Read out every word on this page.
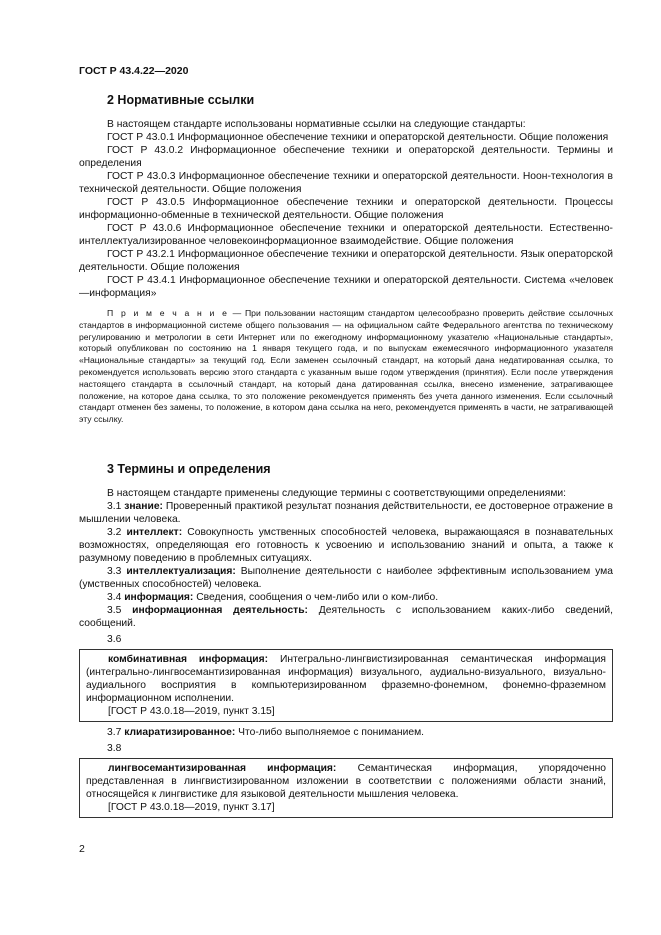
ГОСТ Р 43.4.22—2020
2 Нормативные ссылки

В настоящем стандарте использованы нормативные ссылки на следующие стандарты:

ГОСТ Р 43.0.1 Информационное обеспечение техники и операторской деятельности. Общие положения

ГОСТ Р 43.0.2 Информационное обеспечение техники и операторской деятельности. Термины и определения

ГОСТ Р 43.0.3 Информационное обеспечение техники и операторской деятельности. Ноон-технология в технической деятельности. Общие положения

ГОСТ Р 43.0.5 Информационное обеспечение техники и операторской деятельности. Процессы информационно-обменные в технической деятельности. Общие положения

ГОСТ Р 43.0.6 Информационное обеспечение техники и операторской деятельности. Естественно-интеллектуализированное человекоинформационное взаимодействие. Общие положения

ГОСТ Р 43.2.1 Информационное обеспечение техники и операторской деятельности. Язык операторской деятельности. Общие положения

ГОСТ Р 43.4.1 Информационное обеспечение техники и операторской деятельности. Система «человек—информация»

П р и м е ч а н и е — При пользовании настоящим стандартом целесообразно проверить действие ссылочных стандартов в информационной системе общего пользования — на официальном сайте Федерального агентства по техническому регулированию и метрологии в сети Интернет или по ежегодному информационному указателю «Национальные стандарты», который опубликован по состоянию на 1 января текущего года, и по выпускам ежемесячного информационного указателя «Национальные стандарты» за текущий год. Если заменен ссылочный стандарт, на который дана недатированная ссылка, то рекомендуется использовать версию этого стандарта с указанным выше годом утверждения (принятия). Если после утверждения настоящего стандарта в ссылочный стандарт, на который дана датированная ссылка, внесено изменение, затрагивающее положение, на которое дана ссылка, то это положение рекомендуется применять без учета данного изменения. Если ссылочный стандарт отменен без замены, то положение, в котором дана ссылка на него, рекомендуется применять в части, не затрагивающей эту ссылку.

3 Термины и определения

В настоящем стандарте применены следующие термины с соответствующими определениями:

3.1 знание: Проверенный практикой результат познания действительности, ее достоверное отражение в мышлении человека.

3.2 интеллект: Совокупность умственных способностей человека, выражающаяся в познавательных возможностях, определяющая его готовность к усвоению и использованию знаний и опыта, а также к разумному поведению в проблемных ситуациях.

3.3 интеллектуализация: Выполнение деятельности с наиболее эффективным использованием ума (умственных способностей) человека.

3.4 информация: Сведения, сообщения о чем-либо или о ком-либо.

3.5 информационная деятельность: Деятельность с использованием каких-либо сведений, сообщений.

3.6

комбинативная информация: Интегрально-лингвистизированная семантическая информация (интегрально-лингвосемантизированная информация) визуального, аудиально-визуального, визуально-аудиального восприятия в компьютеризированном фраземно-фонемном, фонемно-фраземном информационном исполнении.

[ГОСТ Р 43.0.18—2019, пункт 3.15]

3.7 клиаратизированное: Что-либо выполняемое с пониманием.

3.8

лингвосемантизированная информация: Семантическая информация, упорядоченно представленная в лингвистизированном изложении в соответствии с положениями области знаний, относящейся к лингвистике для языковой деятельности мышления человека.

[ГОСТ Р 43.0.18—2019, пункт 3.17]

2
